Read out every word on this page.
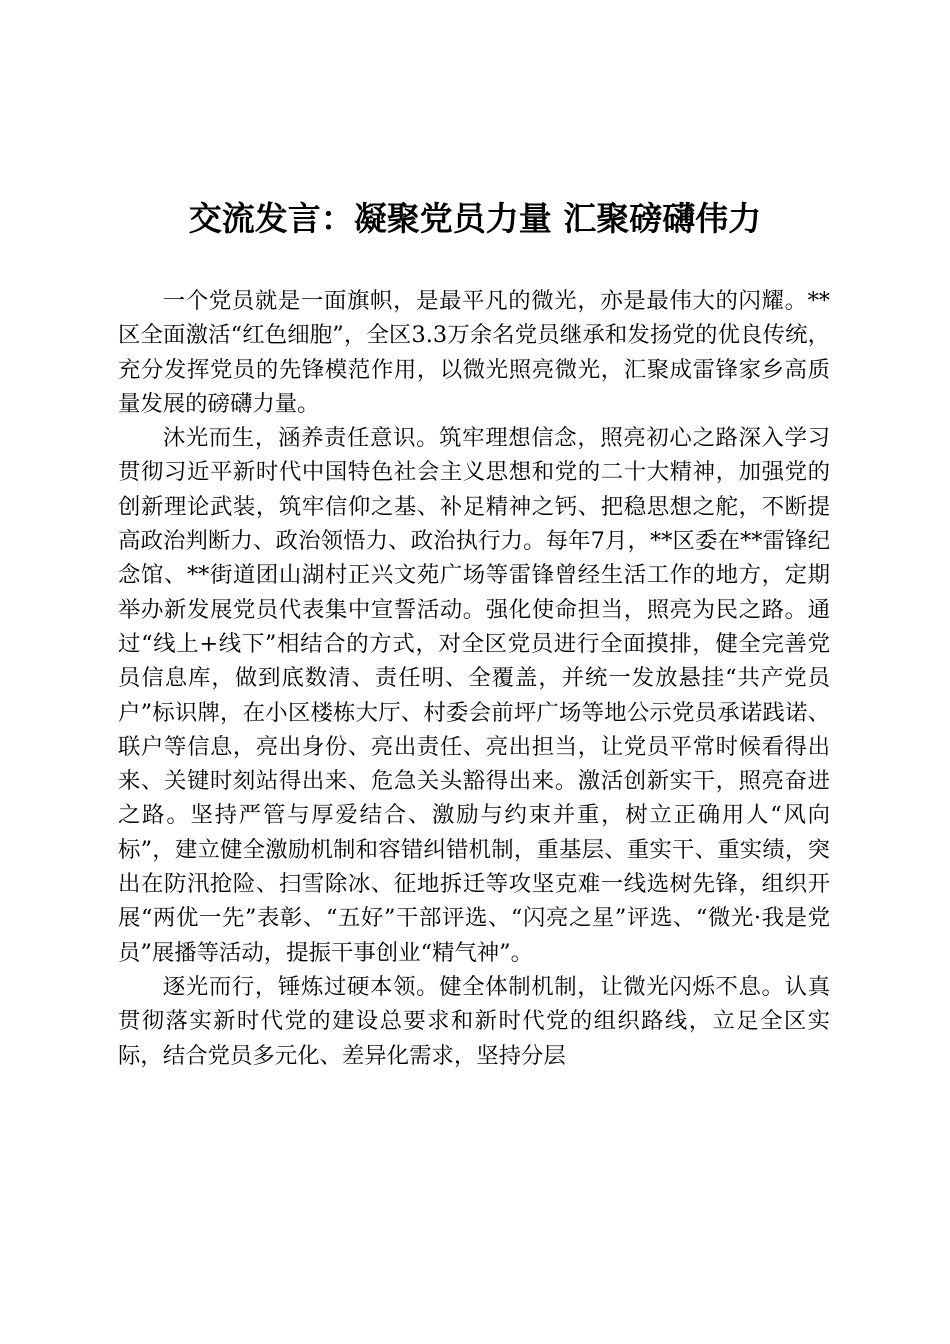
交流发言：凝聚党员力量 汇聚磅礴伟力

一个党员就是一面旗帜，是最平凡的微光，亦是最伟大的闪耀。**区全面激活“红色细胞”，全区3.3万余名党员继承和发扬党的优良传统，充分发挥党员的先锋模范作用，以微光照亮微光，汇聚成雷锋家乡高质量发展的磅礴力量。

沐光而生，涵养责任意识。筑牢理想信念，照亮初心之路深入学习贯彻习近平新时代中国特色社会主义思想和党的二十大精神，加强党的创新理论武装，筑牢信仰之基、补足精神之钙、把稳思想之舵，不断提高政治判断力、政治领悟力、政治执行力。每年7月，**区委在**雷锋纪念馆、**街道团山湖村正兴文苑广场等雷锋曾经生活工作的地方，定期举办新发展党员代表集中宣誓活动。强化使命担当，照亮为民之路。通过“线上+线下”相结合的方式，对全区党员进行全面摸排，健全完善党员信息库，做到底数清、责任明、全覆盖，并统一发放悬挂“共产党员户”标识牌，在小区楼栋大厅、村委会前坪广场等地公示党员承诺践诺、联户等信息，亮出身份、亮出责任、亮出担当，让党员平常时候看得出来、关键时刻站得出来、危急关头豁得出来。激活创新实干，照亮奋进之路。坚持严管与厚爱结合、激励与约束并重，树立正确用人“风向标”，建立健全激励机制和容错纠错机制，重基层、重实干、重实绩，突出在防汛抢险、扫雪除冰、征地拆迁等攻坚克难一线选树先锋，组织开展“两优一先”表彰、“五好”干部评选、“闪亮之星”评选、“微光·我是党员”展播等活动，提振干事创业“精气神”。

逐光而行，锤炼过硬本领。健全体制机制，让微光闪烁不息。认真贯彻落实新时代党的建设总要求和新时代党的组织路线，立足全区实际，结合党员多元化、差异化需求，坚持分层
